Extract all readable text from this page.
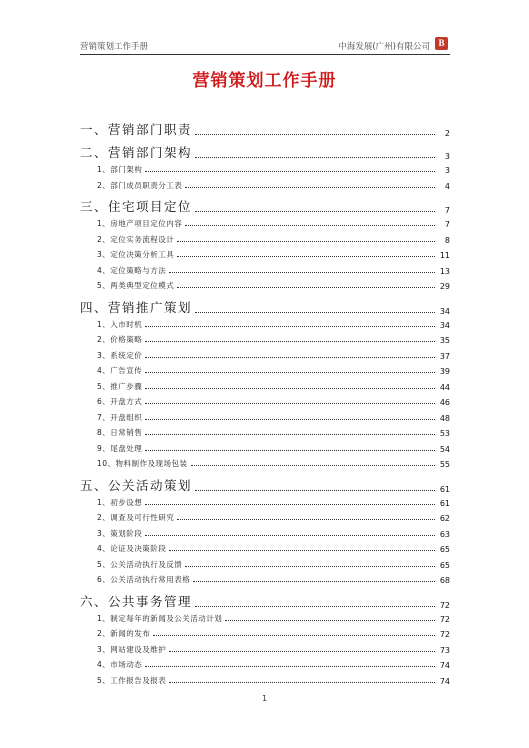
营销策划工作手册	中海发展(广州)有限公司 B
营销策划工作手册
一、营销部门职责	2
二、营销部门架构	3
1、部门架构	3
2、部门成员职责分工表	4
三、住宅项目定位	7
1、房地产项目定位内容	7
2、定位实务流程设计	8
3、定位决策分析工具	11
4、定位策略与方法	13
5、两类典型定位模式	29
四、营销推广策划	34
1、入市时机	34
2、价格策略	35
3、系统定价	37
4、广告宣传	39
5、推广步骤	44
6、开盘方式	46
7、开盘组织	48
8、日常销售	53
9、尾盘处理	54
10、物料制作及现场包装	55
五、公关活动策划	61
1、初步设想	61
2、调查及可行性研究	62
3、策划阶段	63
4、论证及决策阶段	65
5、公关活动执行及反馈	65
6、公关活动执行常用表格	68
六、公共事务管理	72
1、制定每年的新闻及公关活动计划	72
2、新闻的发布	72
3、网站建设及维护	73
4、市场动态	74
5、工作报告及报表	74
1
